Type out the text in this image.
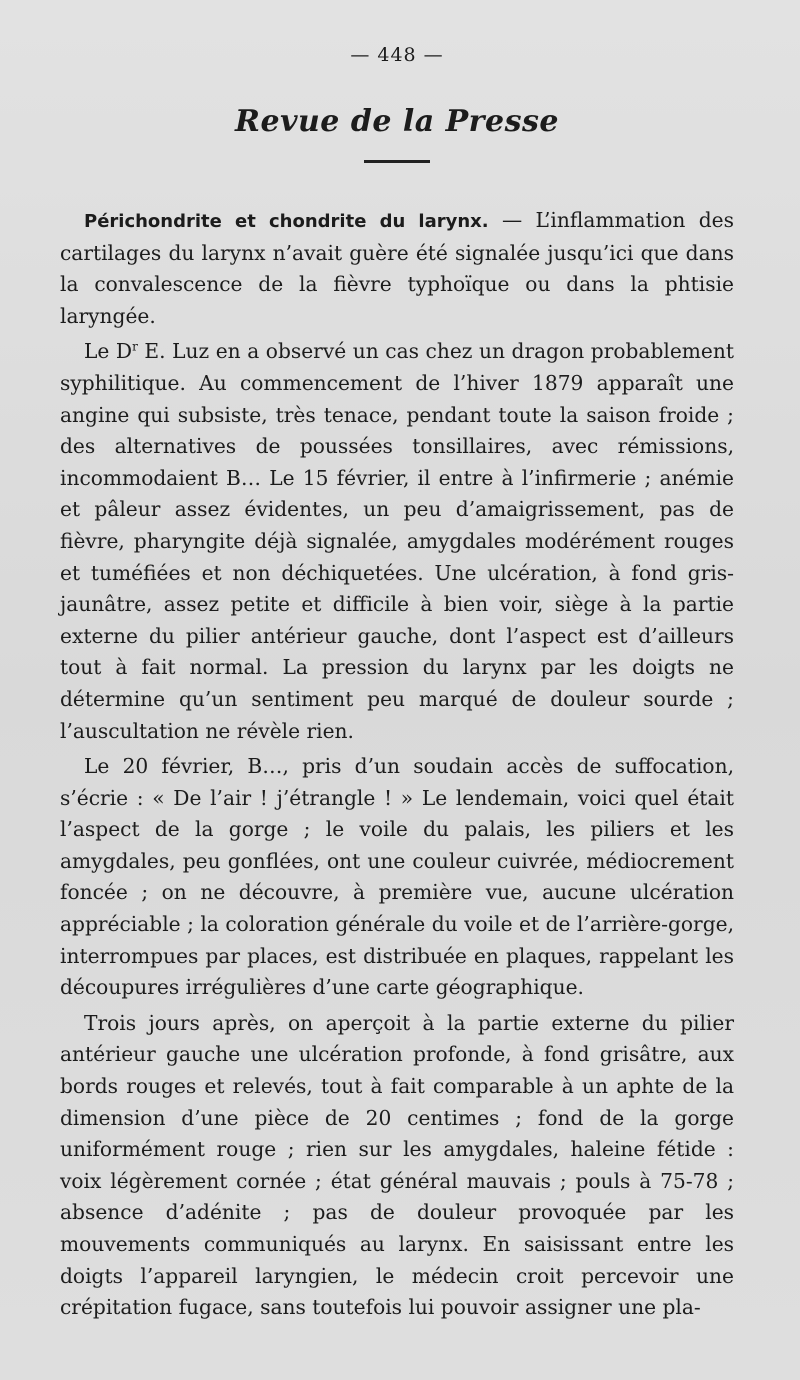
— 448 —
Revue de la Presse

Périchondrite et chondrite du larynx. — L’inflammation des cartilages du larynx n’avait guère été signalée jusqu’ici que dans la convalescence de la fièvre typhoïque ou dans la phtisie laryngée.

Le $D^r$ E. Luz en a observé un cas chez un dragon probablement syphilitique. Au commencement de l’hiver 1879 apparaît une angine qui subsiste, très tenace, pendant toute la saison froide ; des alternatives de poussées tonsillaires, avec rémissions, incommodaient B… Le 15 février, il entre à l’infirmerie ; anémie et pâleur assez évidentes, un peu d’amaigrissement, pas de fièvre, pharyngite déjà signalée, amygdales modérément rouges et tuméfiées et non déchiquetées. Une ulcération, à fond gris-jaunâtre, assez petite et difficile à bien voir, siège à la partie externe du pilier antérieur gauche, dont l’aspect est d’ailleurs tout à fait normal. La pression du larynx par les doigts ne détermine qu’un sentiment peu marqué de douleur sourde ; l’auscultation ne révèle rien.

Le 20 février, B…, pris d’un soudain accès de suffocation, s’écrie : « De l’air ! j’étrangle ! » Le lendemain, voici quel était l’aspect de la gorge ; le voile du palais, les piliers et les amygdales, peu gonflées, ont une couleur cuivrée, médiocrement foncée ; on ne découvre, à première vue, aucune ulcération appréciable ; la coloration générale du voile et de l’arrière-gorge, interrompues par places, est distribuée en plaques, rappelant les découpures irrégulières d’une carte géographique.

Trois jours après, on aperçoit à la partie externe du pilier antérieur gauche une ulcération profonde, à fond grisâtre, aux bords rouges et relevés, tout à fait comparable à un aphte de la dimension d’une pièce de 20 centimes ; fond de la gorge uniformément rouge ; rien sur les amygdales, haleine fétide : voix légèrement cornée ; état général mauvais ; pouls à 75-78 ; absence d’adénite ; pas de douleur provoquée par les mouvements communiqués au larynx. En saisissant entre les doigts l’appareil laryngien, le médecin croit percevoir une crépitation fugace, sans toutefois lui pouvoir assigner une pla-
